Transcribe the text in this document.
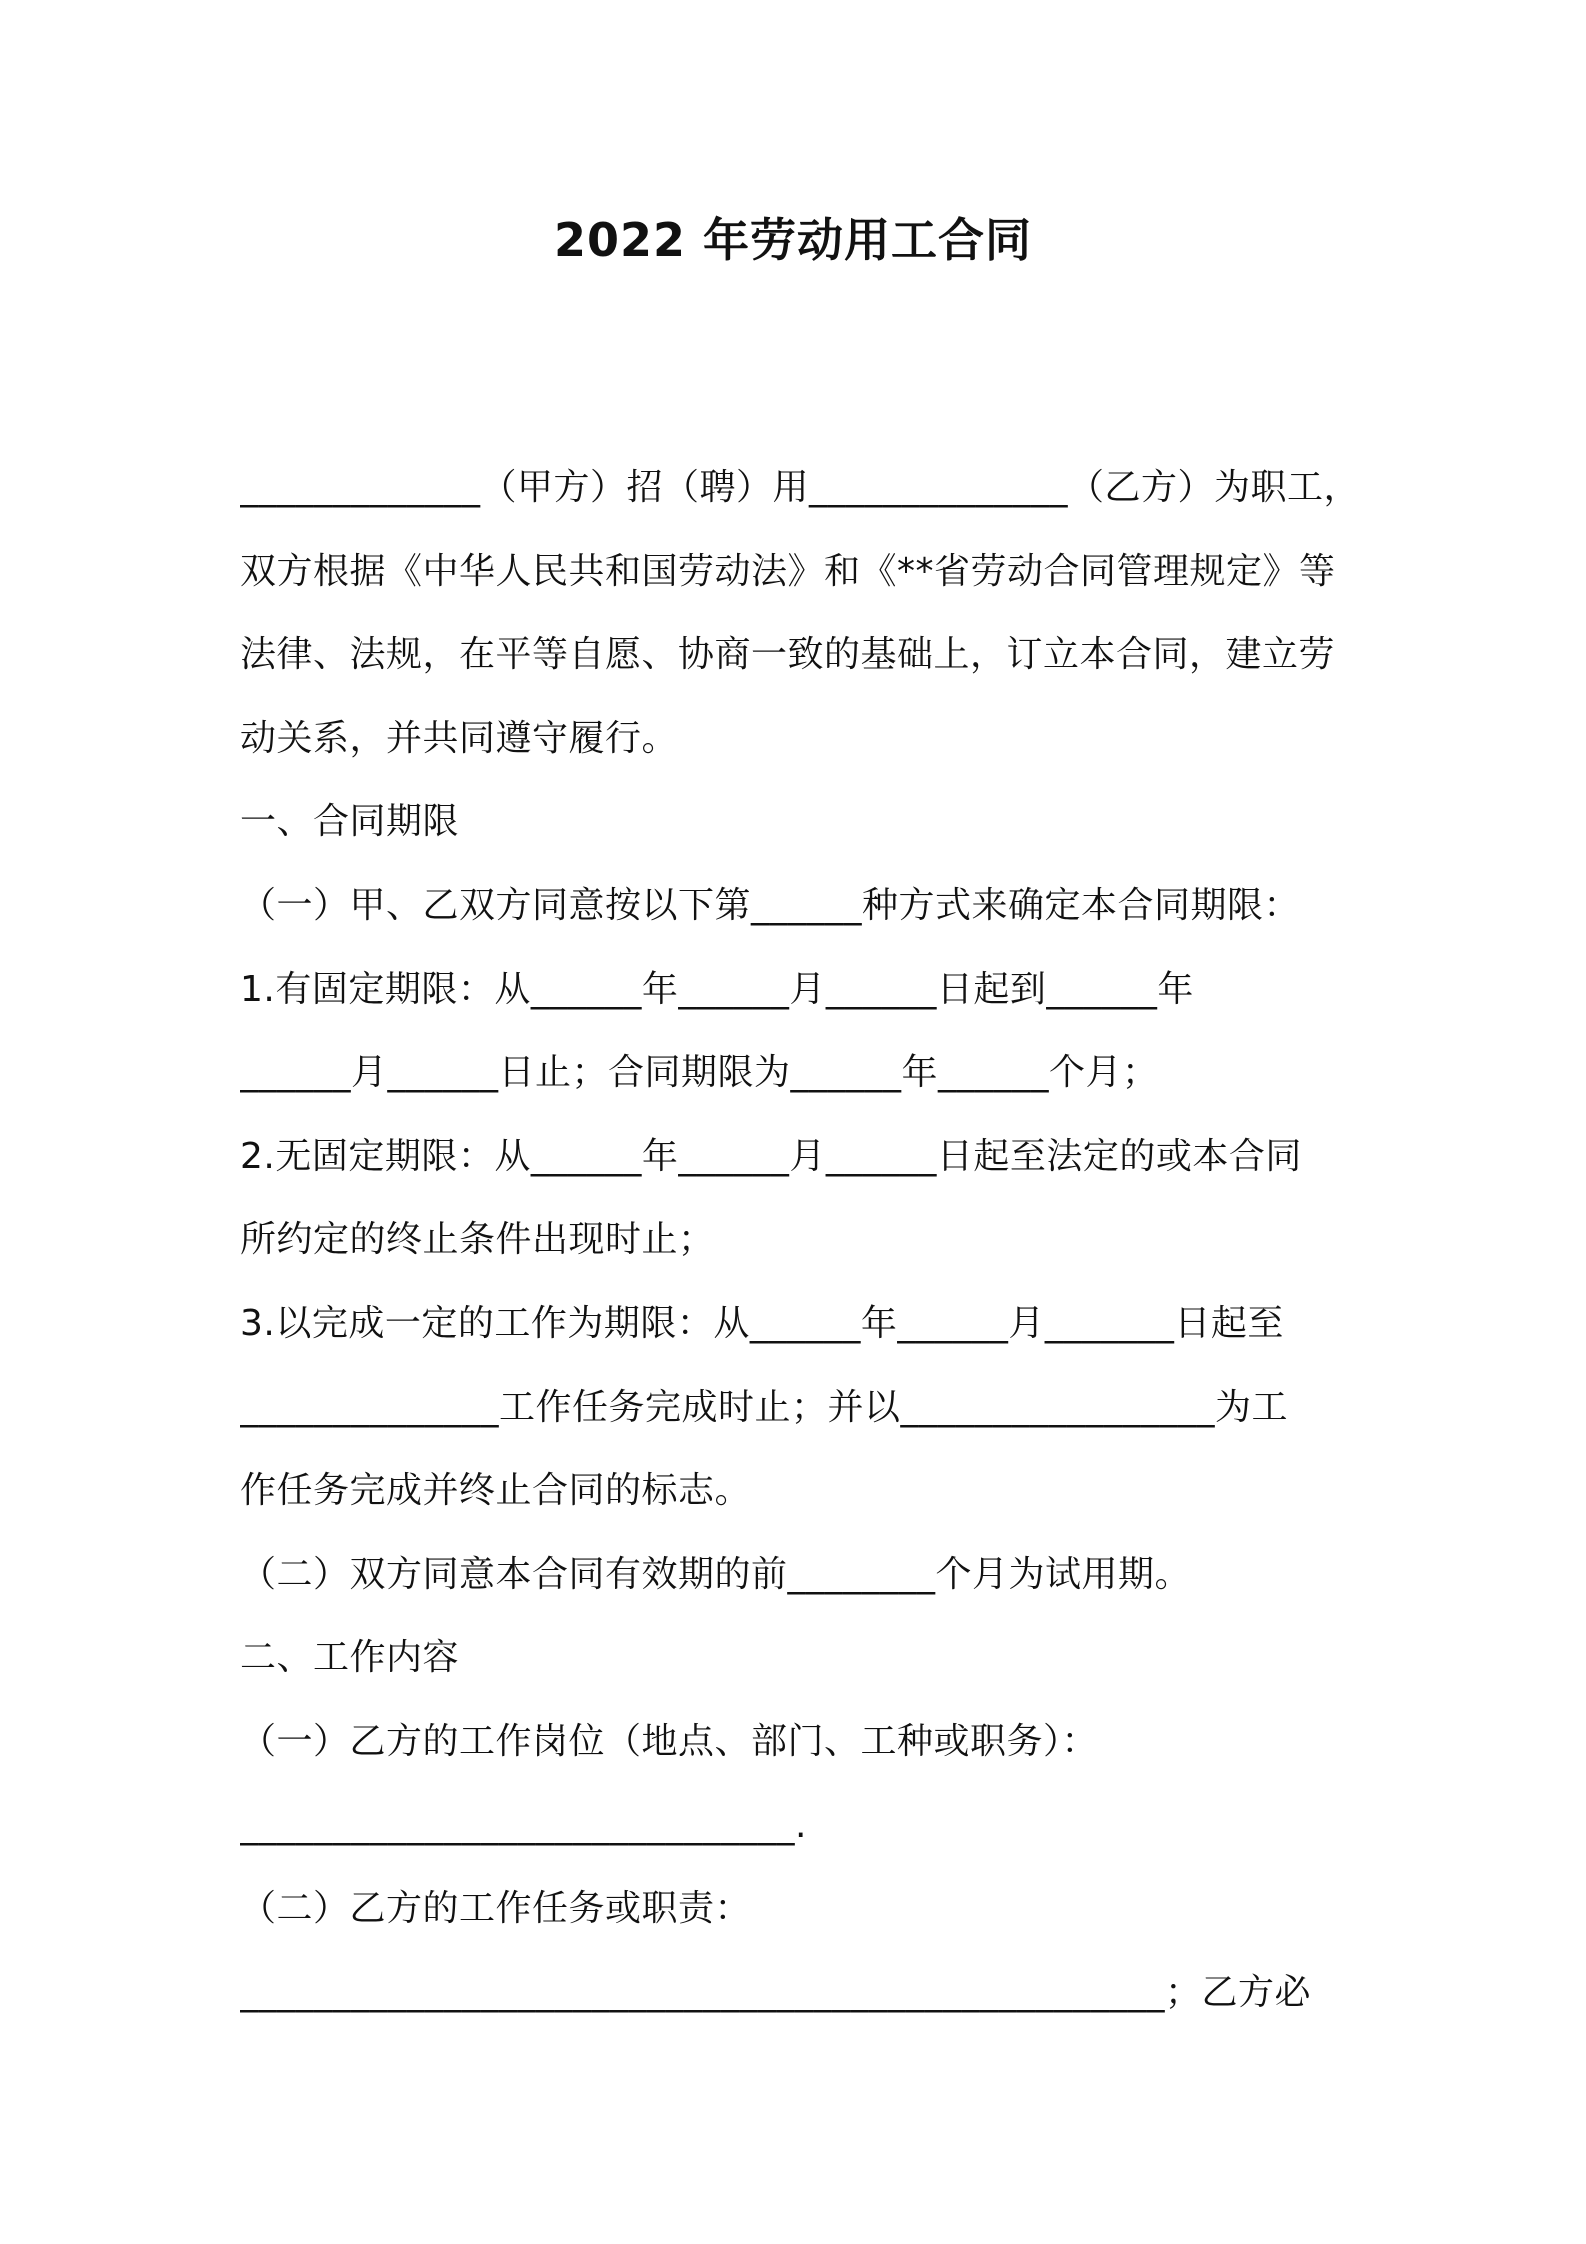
2022 年劳动用工合同
_____________（甲方）招（聘）用______________（乙方）为职工，
双方根据《中华人民共和国劳动法》和《**省劳动合同管理规定》等
法律、法规，在平等自愿、协商一致的基础上，订立本合同，建立劳
动关系，并共同遵守履行。
一、合同期限
（一）甲、乙双方同意按以下第______种方式来确定本合同期限：
1.有固定期限：从______年______月______日起到______年
______月______日止；合同期限为______年______个月；
2.无固定期限：从______年______月______日起至法定的或本合同
所约定的终止条件出现时止；
3.以完成一定的工作为期限：从______年______月_______日起至
______________工作任务完成时止；并以_________________为工
作任务完成并终止合同的标志。
（二）双方同意本合同有效期的前________个月为试用期。
二、工作内容
（一）乙方的工作岗位（地点、部门、工种或职务）：
______________________________.
（二）乙方的工作任务或职责：
__________________________________________________；乙方必
